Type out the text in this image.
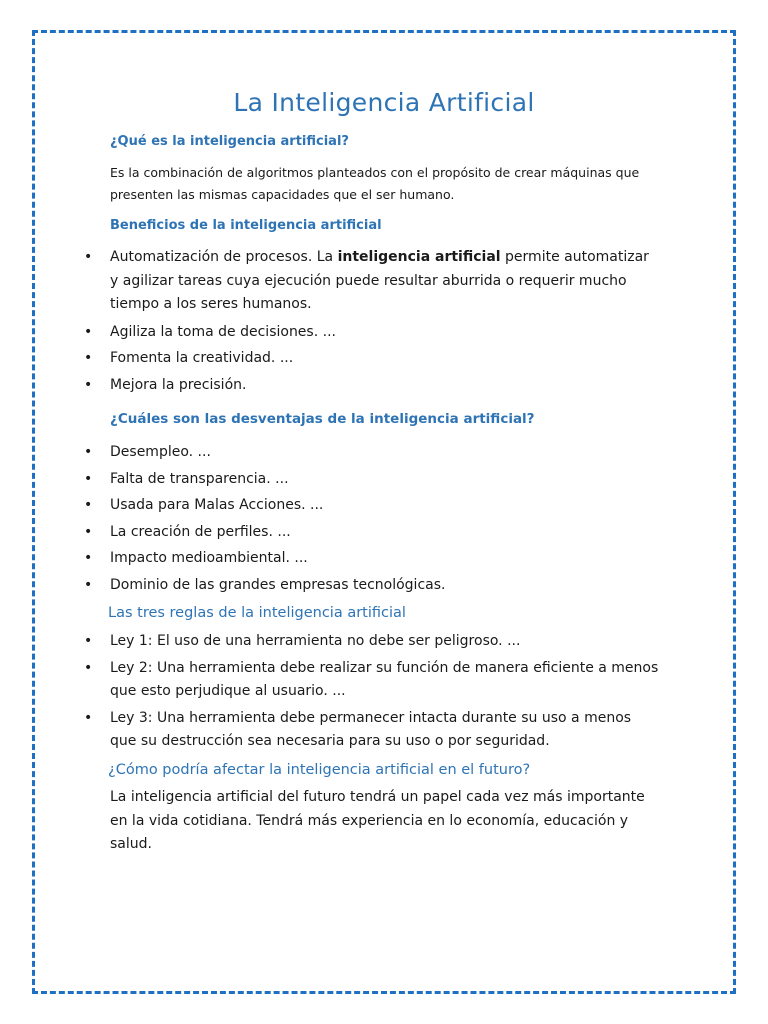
La Inteligencia Artificial
¿Qué es la inteligencia artificial?
Es la combinación de algoritmos planteados con el propósito de crear máquinas que
presenten las mismas capacidades que el ser humano.
Beneficios de la inteligencia artificial
• Automatización de procesos. La inteligencia artificial permite automatizar y agilizar tareas cuya ejecución puede resultar aburrida o requerir mucho tiempo a los seres humanos.
• Agiliza la toma de decisiones. ...
• Fomenta la creatividad. ...
• Mejora la precisión.
¿Cuáles son las desventajas de la inteligencia artificial?
• Desempleo. ...
• Falta de transparencia. ...
• Usada para Malas Acciones. ...
• La creación de perfiles. ...
• Impacto medioambiental. ...
• Dominio de las grandes empresas tecnológicas.
Las tres reglas de la inteligencia artificial
• Ley 1: El uso de una herramienta no debe ser peligroso. ...
• Ley 2: Una herramienta debe realizar su función de manera eficiente a menos que esto perjudique al usuario. ...
• Ley 3: Una herramienta debe permanecer intacta durante su uso a menos que su destrucción sea necesaria para su uso o por seguridad.
¿Cómo podría afectar la inteligencia artificial en el futuro?
La inteligencia artificial del futuro tendrá un papel cada vez más importante en la vida cotidiana. Tendrá más experiencia en lo economía, educación y salud.
